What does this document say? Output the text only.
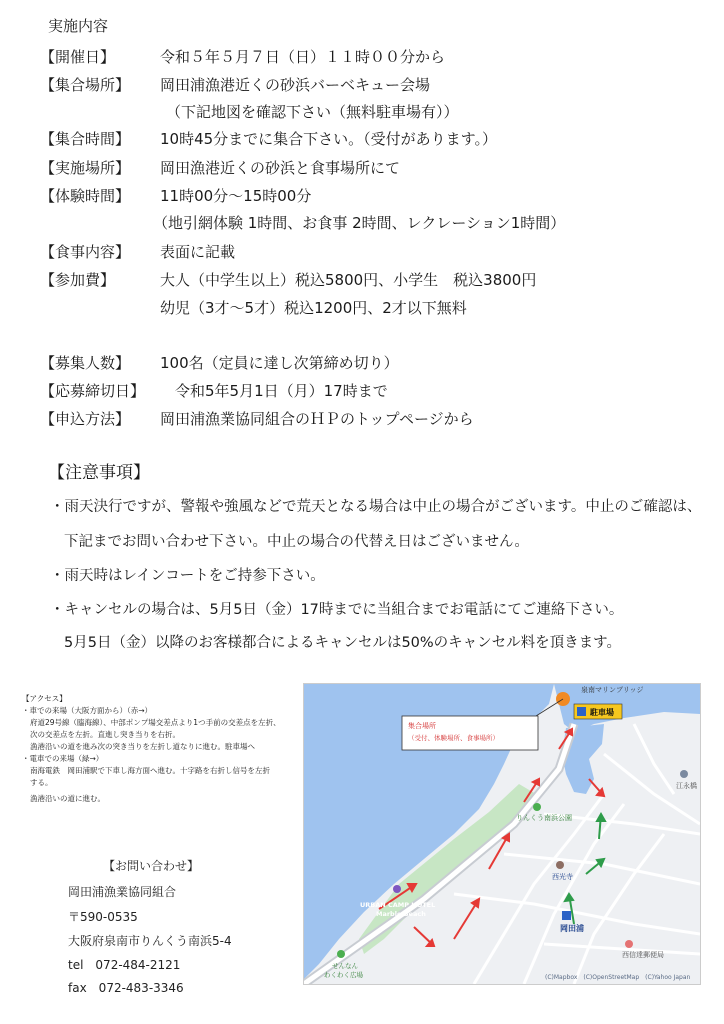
実施内容
【開催日】	令和５年５月７日（日）１１時００分から
【集合場所】 岡田浦漁港近くの砂浜バーベキュー会場
（下記地図を確認下さい（無料駐車場有））
【集合時間】 10時45分までに集合下さい。（受付があります。）
【実施場所】 岡田漁港近くの砂浜と食事場所にて
【体験時間】 11時00分～15時00分
（地引網体験 1時間、お食事 2時間、レクレーション1時間）
【食事内容】 表面に記載
【参加費】	大人（中学生以上）税込5800円、小学生　税込3800円
幼児（3才～5才）税込1200円、2才以下無料
【募集人数】 100名（定員に達し次第締め切り）
【応募締切日】 令和5年5月1日（月）17時まで
【申込方法】 岡田浦漁業協同組合のＨＰのトップページから
【注意事項】
・雨天決行ですが、警報や強風などで荒天となる場合は中止の場合がございます。中止のご確認は、
下記までお問い合わせ下さい。中止の場合の代替え日はございません。
・雨天時はレインコートをご持参下さい。
・キャンセルの場合は、5月5日（金）17時までに当組合までお電話にてご連絡下さい。
5月5日（金）以降のお客様都合によるキャンセルは50%のキャンセル料を頂きます。
【アクセス】
・車での来場（大阪方面から）（赤→）
府道29号線（臨海線）、中部ポンプ場交差点より1つ手前の交差点を左折、
次の交差点を左折。直進し突き当りを右折。
漁港沿いの道を進み次の突き当りを左折し道なりに進む。駐車場へ
・電車での来場（緑→）
南海電鉄　岡田浦駅で下車し海方面へ進む。十字路を右折し信号を左折
する。
漁港沿いの道に進む。
【お問い合わせ】
岡田浦漁業協同組合
〒590-0535
大阪府泉南市りんくう南浜5-4
tel　072-484-2121
fax　072-483-3346
泉南マリンブリッジ
駐車場
集合場所
（受付、体験場所、食事場所）
りんくう南浜公園
URBAN CAMP HOTEL
Marble Beach
せんなん
わくわく広場
岡田浦
西光寺
西信達郵便局
江永橋
(C)Mapbox　(C)OpenStreetMap　(C)Yahoo Japan
